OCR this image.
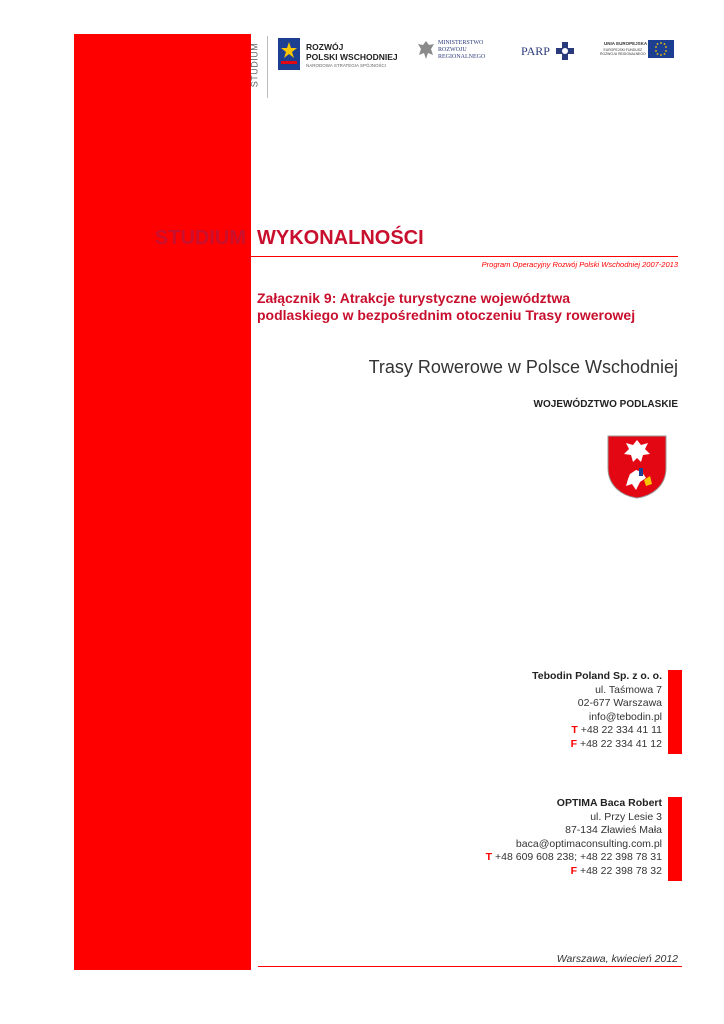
STUDIUM	ROZWÓJ
POLSKI WSCHODNIEJ
NARODOWA STRATEGIA SPÓJNOŚCI
MINISTERSTWO
ROZWOJU
REGIONALNEGO	PARP
UNIA EUROPEJSKA
EUROPEJSKI FUNDUSZ
ROZWOJU REGIONALNEGO
STUDIUM WYKONALNOŚCI
Program Operacyjny Rozwój Polski Wschodniej 2007-2013
Załącznik 9: Atrakcje turystyczne województwa podlaskiego w bezpośrednim otoczeniu Trasy rowerowej
Trasy Rowerowe w Polsce Wschodniej
WOJEWÓDZTWO PODLASKIE
Tebodin Poland Sp. z o. o.
ul. Taśmowa 7
02-677 Warszawa
info@tebodin.pl
T +48 22 334 41 11
F +48 22 334 41 12
OPTIMA Baca Robert
ul. Przy Lesie 3
87-134 Zławieś Mała
baca@optimaconsulting.com.pl
T +48 609 608 238; +48 22 398 78 31
F +48 22 398 78 32
Warszawa, kwiecień 2012
